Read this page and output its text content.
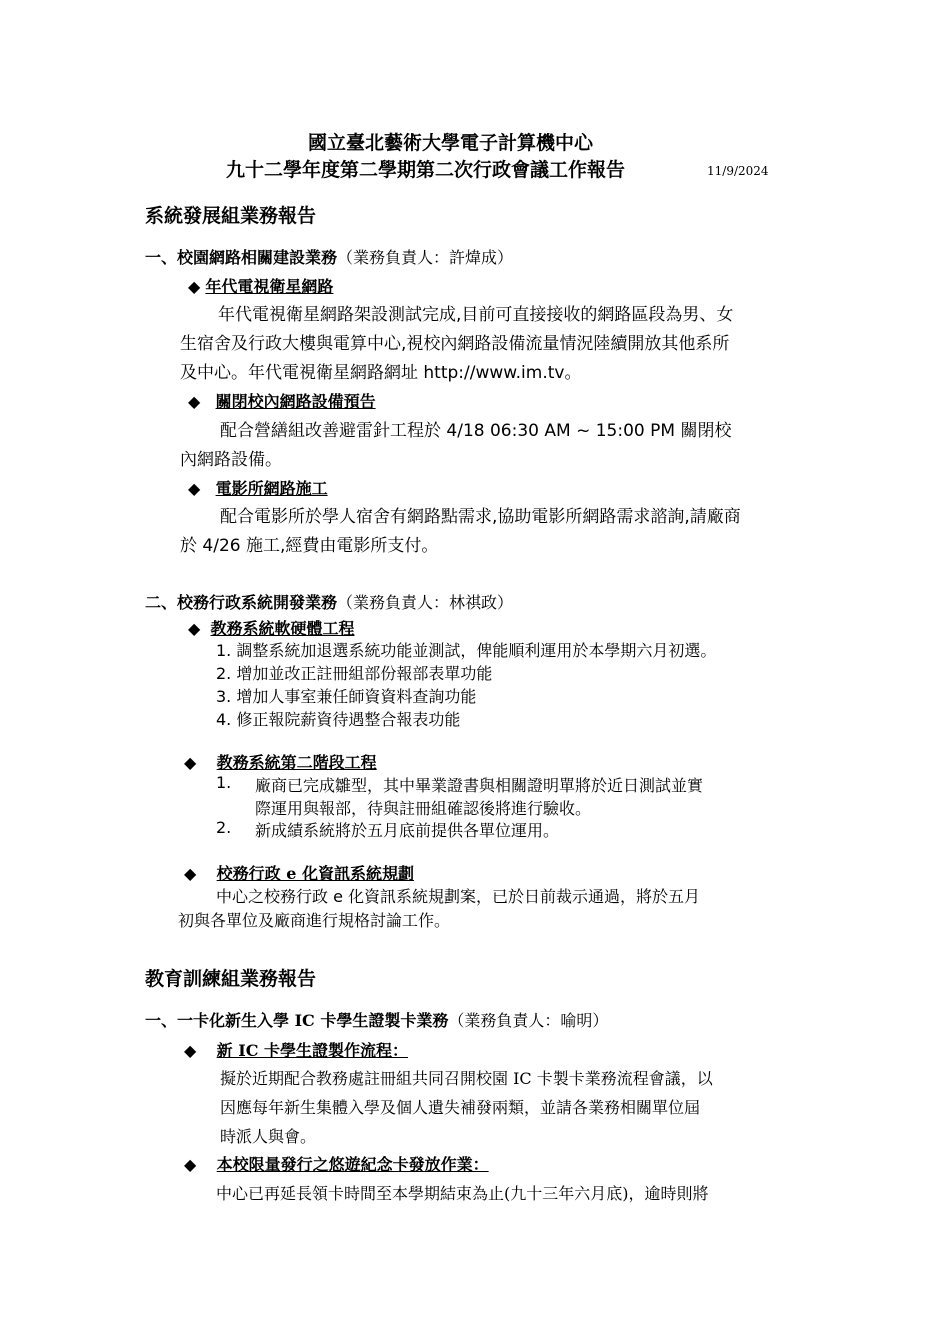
國立臺北藝術大學電子計算機中心
九十二學年度第二學期第二次行政會議工作報告	11/9/2024
系統發展組業務報告
一、校園網路相關建設業務（業務負責人：許煒成）
◆ 年代電視衛星網路
年代電視衛星網路架設測試完成,目前可直接接收的網路區段為男、女
生宿舍及行政大樓與電算中心,視校內網路設備流量情況陸續開放其他系所
及中心。年代電視衛星網路網址 http://www.im.tv。
◆ 關閉校內網路設備預告
配合營繕組改善避雷針工程於 4/18 06:30 AM ~ 15:00 PM 關閉校
內網路設備。
◆ 電影所網路施工
配合電影所於學人宿舍有網路點需求,協助電影所網路需求諮詢,請廠商
於 4/26 施工,經費由電影所支付。
二、校務行政系統開發業務（業務負責人：林祺政）
◆ 教務系統軟硬體工程
1. 調整系統加退選系統功能並測試，俾能順利運用於本學期六月初選。
2. 增加並改正註冊組部份報部表單功能
3. 增加人事室兼任師資資料查詢功能
4. 修正報院薪資待遇整合報表功能
◆ 教務系統第二階段工程
1. 廠商已完成雛型，其中畢業證書與相關證明單將於近日測試並實
際運用與報部，待與註冊組確認後將進行驗收。
2. 新成績系統將於五月底前提供各單位運用。
◆ 校務行政 e 化資訊系統規劃
中心之校務行政 e 化資訊系統規劃案，已於日前裁示通過，將於五月
初與各單位及廠商進行規格討論工作。
教育訓練組業務報告
一、一卡化新生入學 IC 卡學生證製卡業務（業務負責人：喻明）
◆ 新 IC 卡學生證製作流程：
擬於近期配合教務處註冊組共同召開校園 IC 卡製卡業務流程會議，以
因應每年新生集體入學及個人遺失補發兩類，並請各業務相關單位屆
時派人與會。
◆ 本校限量發行之悠遊紀念卡發放作業：
中心已再延長領卡時間至本學期結束為止(九十三年六月底)，逾時則將
